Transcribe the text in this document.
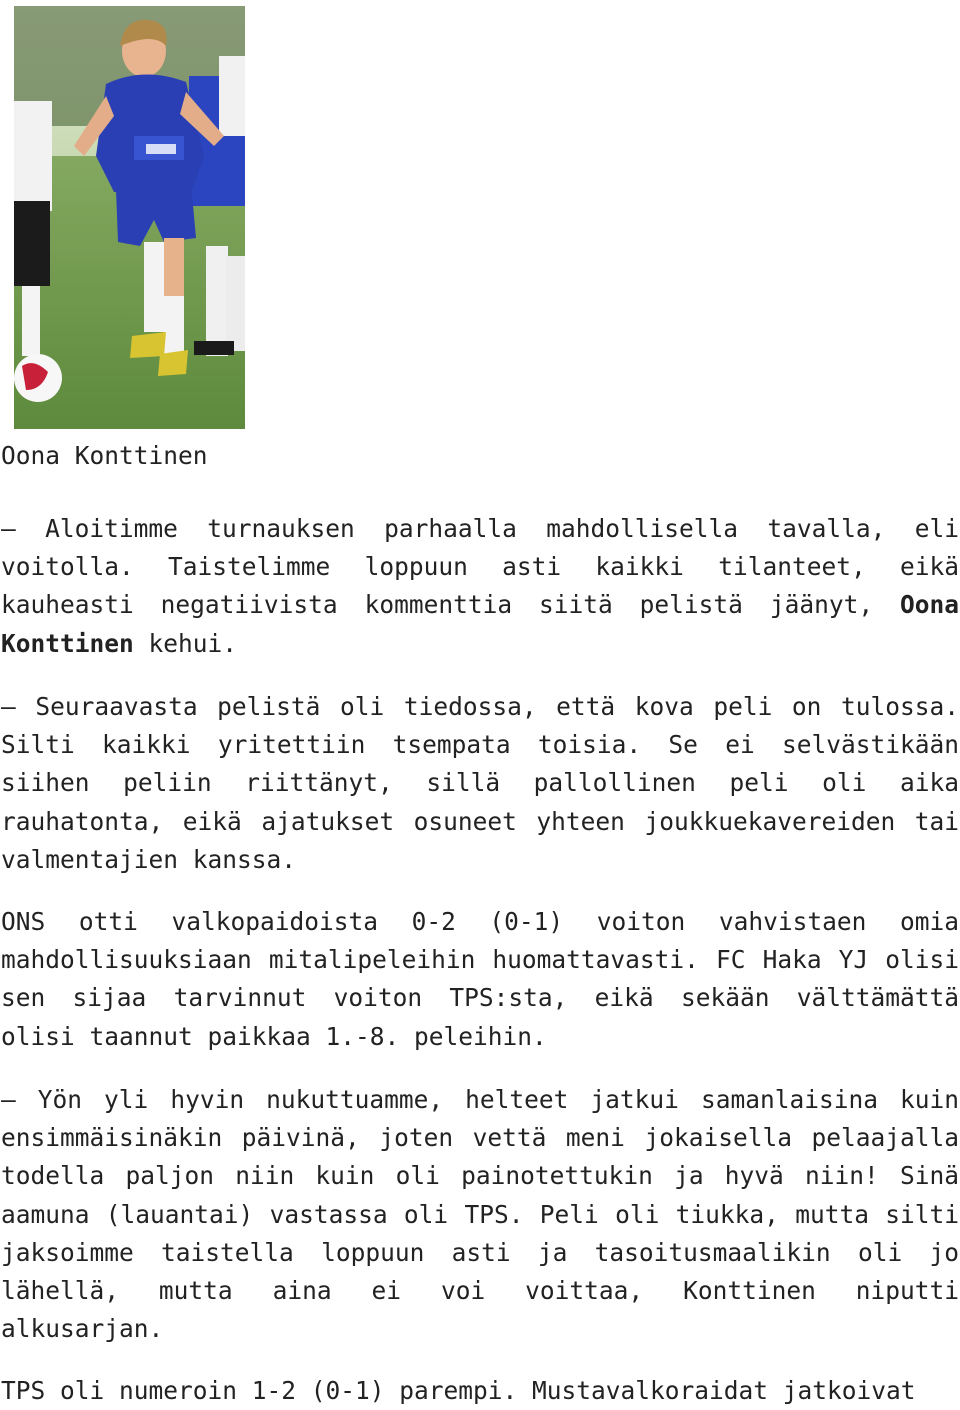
Oona Konttinen

— Aloitimme turnauksen parhaalla mahdollisella tavalla, eli voitolla. Taistelimme loppuun asti kaikki tilanteet, eikä kauheasti negatiivista kommenttia siitä pelistä jäänyt, Oona Konttinen kehui.

— Seuraavasta pelistä oli tiedossa, että kova peli on tulossa. Silti kaikki yritettiin tsempata toisia. Se ei selvästikään siihen peliin riittänyt, sillä pallollinen peli oli aika rauhatonta, eikä ajatukset osuneet yhteen joukkuekavereiden tai valmentajien kanssa.

ONS otti valkopaidoista 0-2 (0-1) voiton vahvistaen omia mahdollisuuksiaan mitalipeleihin huomattavasti. FC Haka YJ olisi sen sijaa tarvinnut voiton TPS:sta, eikä sekään välttämättä olisi taannut paikkaa 1.-8. peleihin.

— Yön yli hyvin nukuttuamme, helteet jatkui samanlaisina kuin ensimmäisinäkin päivinä, joten vettä meni jokaisella pelaajalla todella paljon niin kuin oli painotettukin ja hyvä niin! Sinä aamuna (lauantai) vastassa oli TPS. Peli oli tiukka, mutta silti jaksoimme taistella loppuun asti ja tasoitusmaalikin oli jo lähellä, mutta aina ei voi voittaa, Konttinen niputti alkusarjan.

TPS oli numeroin 1-2 (0-1) parempi. Mustavalkoraidat jatkoivat
